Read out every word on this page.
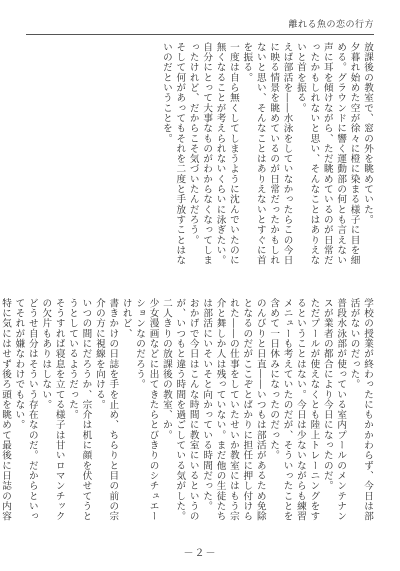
離れる魚の恋の行方

放課後の教室で、窓の外を眺めていた。

夕暮れ始めた空が徐々に橙に染まる様子に目を細める。グラウンドに響く運動部の何とも言えない声に耳を傾けながら、ただ眺めているのが日常だったかもしれないと思い、そんなことはありえないと首を振る。

えば部活を――水泳をしていなかったらこの今日に映る情景を眺めているのが日常だったかもしれないと思い、そんなことはありえないとすぐに首を振る。

一度は自ら無くしてしまうように沈んでいたのに無くなることが考えられないくらいに泳ぎたい。

自分にとって大事なものがわからなくなってしまったけれど、だからこそ気づいたんだろう。

そして何があってもそれを二度と手放すことはないのだということを。

学校の授業が終わったにもかかわらず、今日は部活がないのだった。

普段水泳部が使っている室内プールのメンテナンスが業者の都合により今日になったのだ。

ただプールが使えなくとも陸上トレーニングをするということはない。今日は少ないながらも練習メニューも考えていたのだが、そういったことを含めて一日休みになったのだった。

のんびりと日直――いつもは部活があるため免除となるのだがここぞとばかりに担任に押し付けられた――の仕事をしていたせいか教室にはもう宗介と舞しか人は残っていない。まだ他の生徒たちは部活にいそいそと向かっている時間だった。

おかげで今日はこんな時間に教室にいるというのが、いつもと違う時間を過ごしている気がした。

二人きりの放課後の教室、か。

少女漫画などに出てきたらとびきりのシチュエーションなのだろう。

けれど、

書きかけの日誌を手を止め、ちらりと目の前の宗介の方に視線を向ける。

いつの間にだろうか、宗介は机に顔を伏せてうとうとしているようだった。

そうすれば寝息を立てる様子は甘いロマンチックの欠片もありはしない。

どうせ自分はそういう存在なのだ。だからといってそれが嫌なわけでもない。

特に気にはせず後ろ頭を眺めて最後に日誌の内容

－２－
